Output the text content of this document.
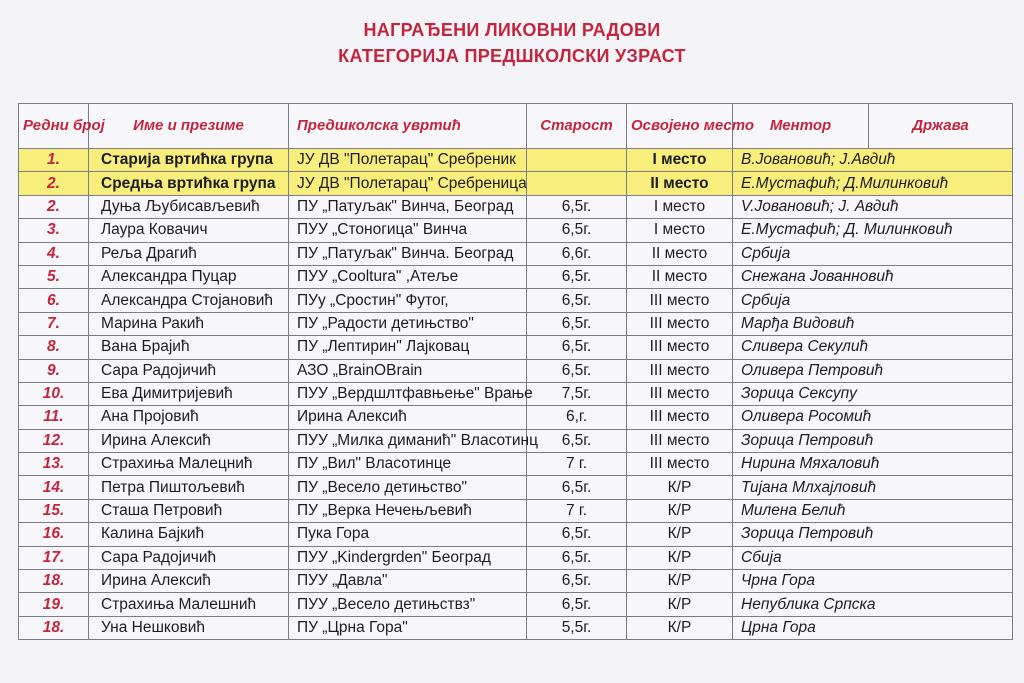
НАГРАЂЕНИ ЛИКОВНИ РАДОВИ
КАТЕГОРИЈА ПРЕДШКОЛСКИ УЗРАСТ
Редни број	Име и презиме	Предшколска увртић	Старост	Освојено место	Ментор	Држава
1.	Старија вртићка група	ЈУ ДВ "Полетарац" Сребреник		I место	В.Јовановић; Ј.Авдић	
2.	Средња вртићка група	ЈУ ДВ "Полетарац" Сребреница		II место	Е.Мустафић; Д.Милинковић	
2.	Дуња Љубисављевић	ПУ „Патуљак" Винча, Београд	6,5г.	I место	V.Јовановић; Ј. Авдић	
3.	Лаура Ковачич	ПУУ „Стоногица" Винча	6,5г.	I место	Е.Мустафић; Д. Милинковић	
4.	Реља Драгић	ПУ „Патуљак" Винча. Београд	6,6г.	II место	Србија	
5.	Александра Пуцар	ПУУ „Cooltura" ,Атеље	6,5г.	II место	Снежана Јованновић	
6.	Александра Стојановић	ПУу „Сростин" Футог,	6,5г.	III место	Србија	
7.	Марина Ракић	ПУ „Радости детињство"	6,5г.	III место	Марђа Видовић	
8.	Вана Брајић	ПУ „Лептирин" Лајковац	6,5г.	III место	Сливера Секулић	
9.	Сара Радојичић	АЗО „BrainOBrain	6,5г.	III место	Оливера Петровић	
10.	Ева Димитријевић	ПУУ „Вердшлтфавњење" Врање	7,5г.	III место	Зорица Сексупу	
11.	Ана Пројовић	Ирина Алексић	6,г.	III место	Оливера Росомић	
12.	Ирина Алексић	ПУУ „Милка диманић" Власотинц	6,5г.	III место	Зорица Петровић	
13.	Страхиња Малецнић	ПУ „Вил" Власотинце	7 г.	III место	Нирина Мяхаловић	
14.	Петра Пиштољевић	ПУ „Весело детињство"	6,5г.	К/Р	Тијана Млхајловић	
15.	Сташа Петровић	ПУ „Верка Нечењљевић	7 г.	К/Р	Милена Белић	
16.	Калина Бајкић	Пука Гора	6,5г.	К/Р	Зорица Петровић	
17.	Сара Радојичић	ПУУ „Kindergrden" Београд	6,5г.	К/Р	Сбија	
18.	Ирина Алексић	ПУУ „Давла"	6,5г.	К/Р	Чрна Гора	
19.	Страхиња Малешнић	ПУУ „Весело детињствз"	6,5г.	К/Р	Непублика Српска	
18.	Уна Нешковић	ПУ „Црна Гора"	5,5г.	К/Р	Црна Гора	
